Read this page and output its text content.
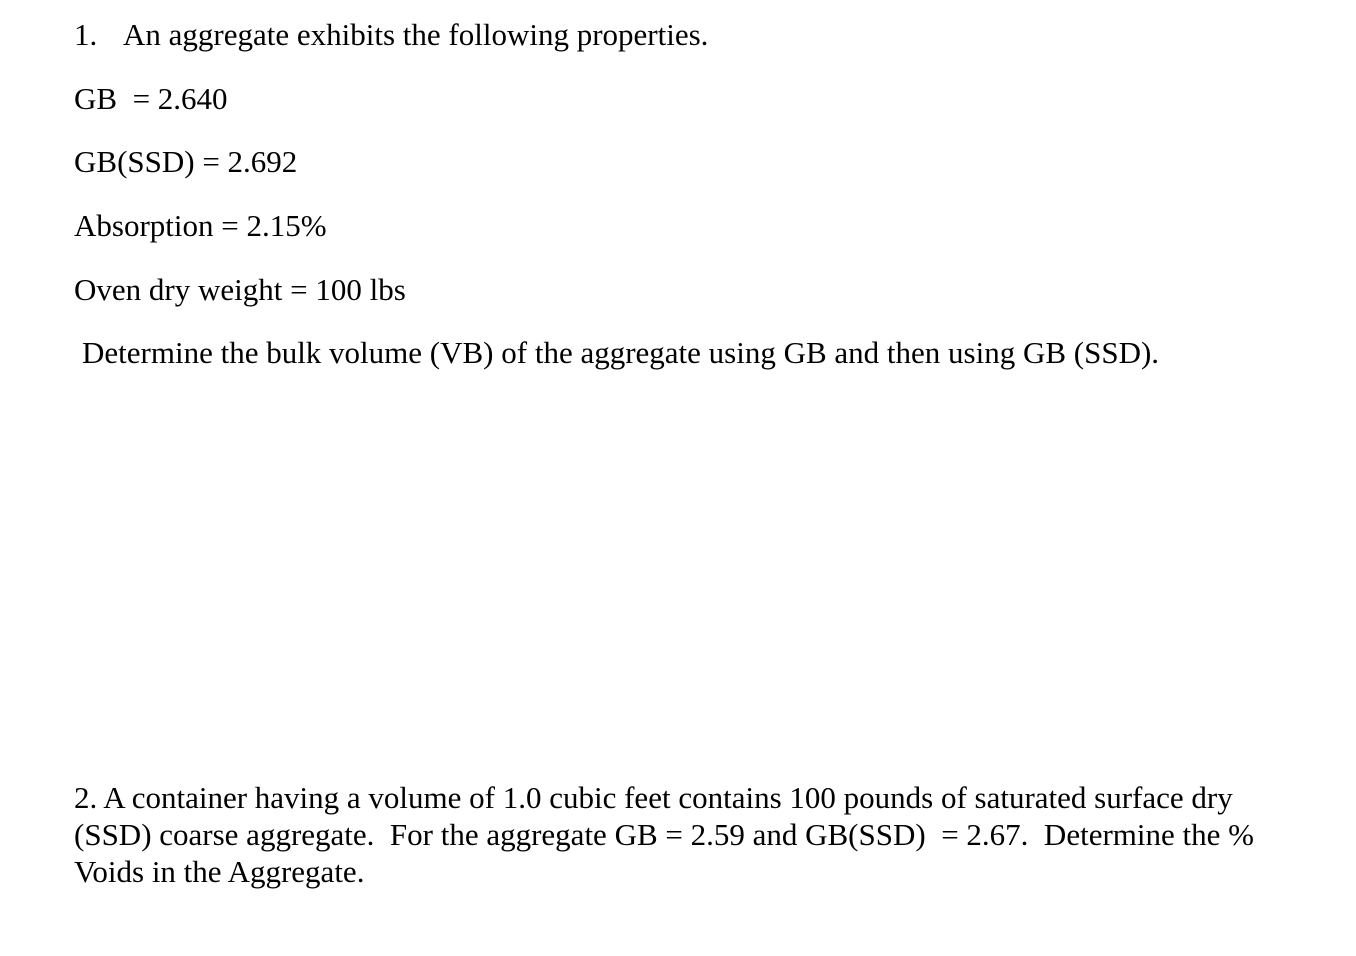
1. An aggregate exhibits the following properties.

GB  = 2.640

GB(SSD) = 2.692

Absorption = 2.15%

Oven dry weight = 100 lbs

Determine the bulk volume (VB) of the aggregate using GB and then using GB (SSD).

2. A container having a volume of 1.0 cubic feet contains 100 pounds of saturated surface dry
(SSD) coarse aggregate.  For the aggregate GB = 2.59 and GB(SSD)  = 2.67.  Determine the %
Voids in the Aggregate.
